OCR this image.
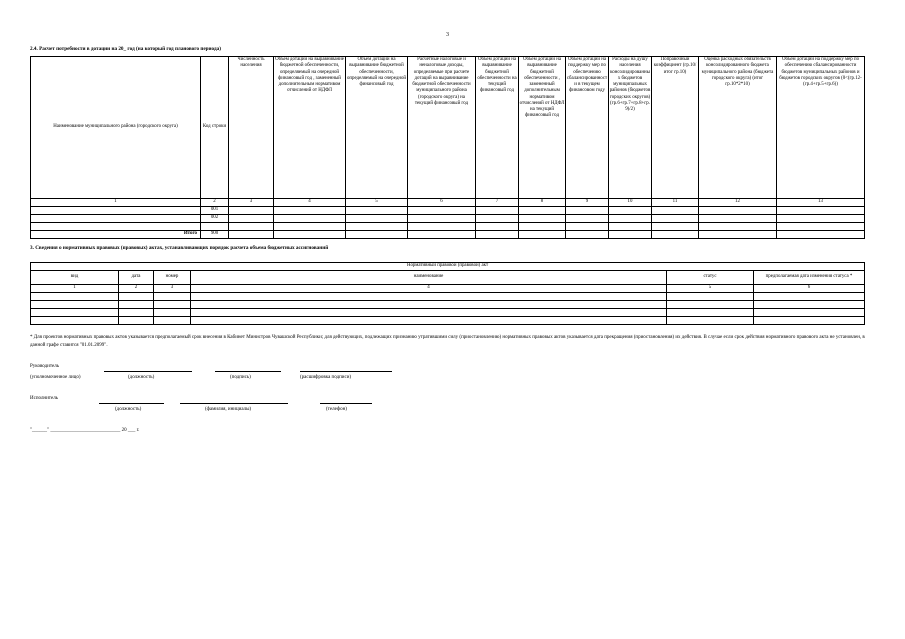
3
2.4. Расчет потребности в дотации на 20_ год (на который год планового периода)
Наименование муниципального района (городского округа)	Код строки	Численность населения	Объем дотаций на выравнивание бюджетной обеспеченности, определяемый на очередной финансовый год , замененный дополнительным нормативом отчислений от НДФЛ	Объем дотаций на выравнивание бюджетной обеспеченности, определяемый на очередной финансовый год	Расчетные налоговые и неналоговые доходы, определяемые при расчете дотаций на выравнивание бюджетной обеспеченности муниципального района (городского округа) на текущий финансовый год	Объем дотаций на выравнивание бюджетной обеспеченности на текущий финансовый год	Объем дотаций на выравнивание бюджетной обеспеченности , замененный дополнительным нормативом отчислений от НДФЛ на текущий финансовый год	Объем дотации на поддержку мер по обеспечению сбалансированности в текущем финансовом году	Расходы на душу населения консолидированных бюджетов муниципальных районов (бюджетов городских округов) (гр.6+гр.7+гр.8+гр.9)/2)	Поправочный коэффициент (гр.10/итог гр.10)	Оценка расходных обязательств консолидированного бюджета муниципального района (бюджета городского округа) (итог гр.10*2*10)	Объем дотаций на поддержку мер по обеспечению сбалансированности бюджетов муниципальных районов и бюджетов городских округов (0<(гр.12-(гр.4+гр.5+гр.6))
1	2	3	4	5	6	7	8	9	10	11	12	13
	001											
	002											

Итого	900											
3. Сведения о нормативных правовых (правовых) актах, устанавливающих порядок расчета объема бюджетных ассигнований
Нормативный правовой (правовой) акт					
вид	дата	номер	наименование	статус	предполагаемая дата изменения статуса *
1	2	3	4	5	6

* Для проектов нормативных правовых актов указывается предполагаемый срок внесения в Кабинет Министров Чувашской Республики; для действующих, подлежащих признанию утратившими силу (приостановлению) нормативных правовых актов указывается дата прекращения (приостановления) их действия. В случае если срок действия нормативного правового акта не установлен, в данной графе ставится "01.01.2099".
Руководитель
(уполномоченное лицо)	(должность)	(подпись)	(расшифровка подписи)
Исполнитель
(должность)	(фамилия, инициалы)	(телефон)
"______" ____________________________ 20 ___ г.
